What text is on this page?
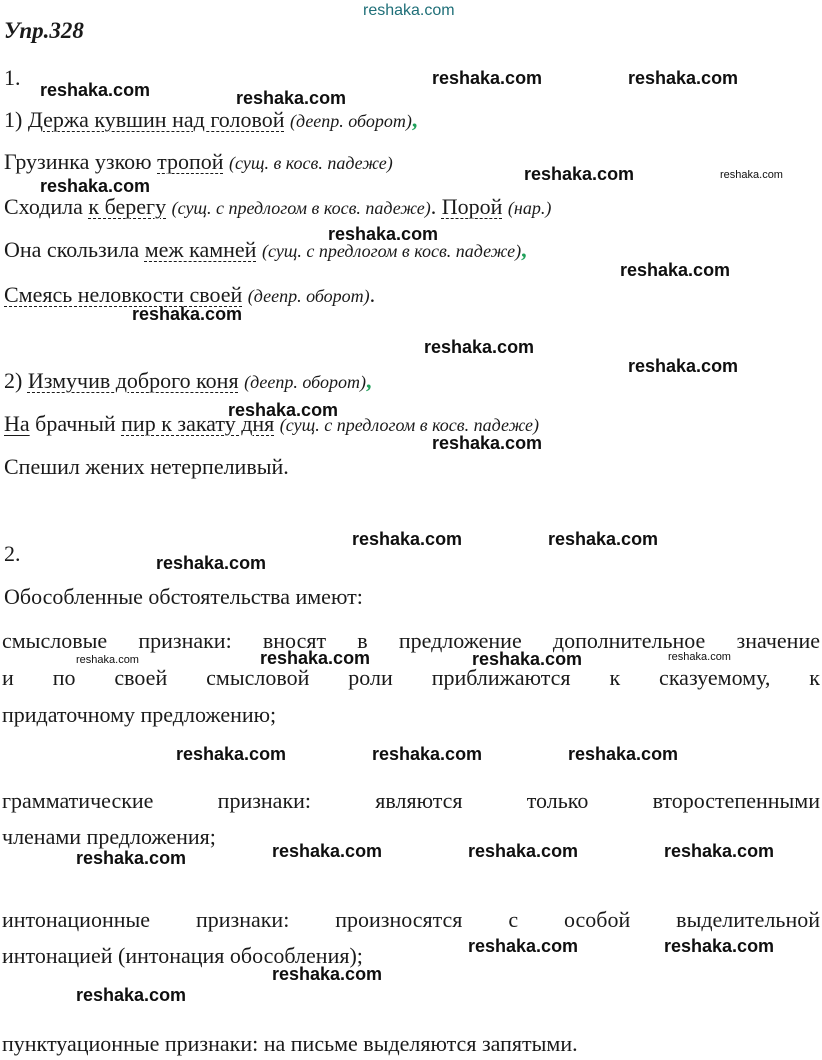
Упр.328
1.
1) Держа кувшин над головой (деепр. оборот),
Грузинка узкою тропой (сущ. в косв. падеже)
Сходила к берегу (сущ. с предлогом в косв. падеже). Порой (нар.)
Она скользила меж камней (сущ. с предлогом в косв. падеже),
Смеясь неловкости своей (деепр. оборот).
2) Измучив доброго коня (деепр. оборот),
На брачный пир к закату дня (сущ. с предлогом в косв. падеже)
Спешил жених нетерпеливый.
2.
Обособленные обстоятельства имеют:
смысловые признаки: вносят в предложение дополнительное значение
и по своей смысловой роли приближаются к сказуемому, к
придаточному предложению;
грамматические признаки: являются только второстепенными
членами предложения;
интонационные признаки: произносятся с особой выделительной
интонацией (интонация обособления);
пунктуационные признаки: на письме выделяются запятыми.
reshaka.com
reshaka.com	reshaka.com
reshaka.com	reshaka.com
reshaka.com
reshaka.com	reshaka.com
reshaka.com
reshaka.com
reshaka.com
reshaka.com
reshaka.com
reshaka.com
reshaka.com
reshaka.com	reshaka.com
reshaka.com
reshaka.com	reshaka.com	reshaka.com	reshaka.com
reshaka.com	reshaka.com	reshaka.com
reshaka.com	reshaka.com	reshaka.com	reshaka.com
reshaka.com	reshaka.com
reshaka.com
reshaka.com
